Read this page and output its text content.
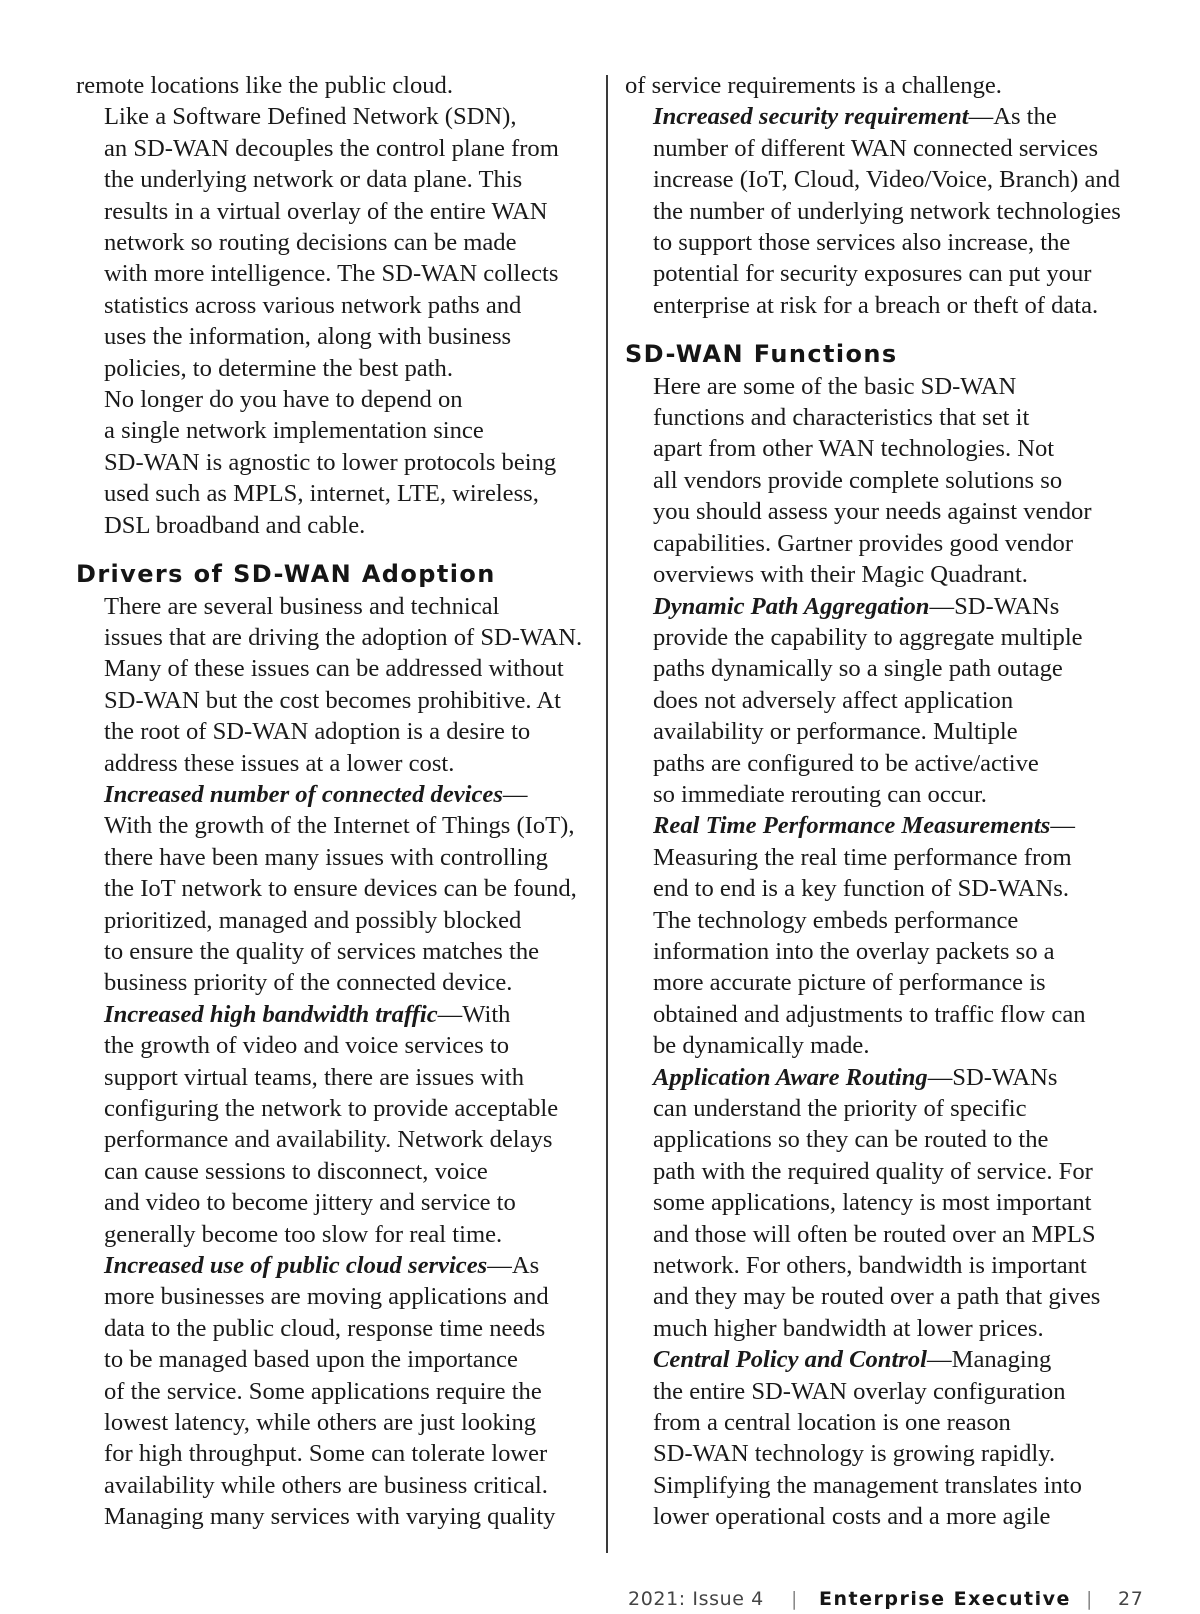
remote locations like the public cloud.

Like a Software Defined Network (SDN),
an SD-WAN decouples the control plane from
the underlying network or data plane. This
results in a virtual overlay of the entire WAN
network so routing decisions can be made
with more intelligence. The SD-WAN collects
statistics across various network paths and
uses the information, along with business
policies, to determine the best path.

No longer do you have to depend on
a single network implementation since
SD-WAN is agnostic to lower protocols being
used such as MPLS, internet, LTE, wireless,
DSL broadband and cable.

Drivers of SD-WAN Adoption

There are several business and technical
issues that are driving the adoption of SD-WAN.
Many of these issues can be addressed without
SD-WAN but the cost becomes prohibitive. At
the root of SD-WAN adoption is a desire to
address these issues at a lower cost.

Increased number of connected devices—
With the growth of the Internet of Things (IoT),
there have been many issues with controlling
the IoT network to ensure devices can be found,
prioritized, managed and possibly blocked
to ensure the quality of services matches the
business priority of the connected device.

Increased high bandwidth traffic—With
the growth of video and voice services to
support virtual teams, there are issues with
configuring the network to provide acceptable
performance and availability. Network delays
can cause sessions to disconnect, voice
and video to become jittery and service to
generally become too slow for real time.

Increased use of public cloud services—As
more businesses are moving applications and
data to the public cloud, response time needs
to be managed based upon the importance
of the service. Some applications require the
lowest latency, while others are just looking
for high throughput. Some can tolerate lower
availability while others are business critical.
Managing many services with varying quality

of service requirements is a challenge.

Increased security requirement—As the
number of different WAN connected services
increase (IoT, Cloud, Video/Voice, Branch) and
the number of underlying network technologies
to support those services also increase, the
potential for security exposures can put your
enterprise at risk for a breach or theft of data.

SD-WAN Functions

Here are some of the basic SD-WAN
functions and characteristics that set it
apart from other WAN technologies. Not
all vendors provide complete solutions so
you should assess your needs against vendor
capabilities. Gartner provides good vendor
overviews with their Magic Quadrant.

Dynamic Path Aggregation—SD-WANs
provide the capability to aggregate multiple
paths dynamically so a single path outage
does not adversely affect application
availability or performance. Multiple
paths are configured to be active/active
so immediate rerouting can occur.

Real Time Performance Measurements—
Measuring the real time performance from
end to end is a key function of SD-WANs.
The technology embeds performance
information into the overlay packets so a
more accurate picture of performance is
obtained and adjustments to traffic flow can
be dynamically made.

Application Aware Routing—SD-WANs
can understand the priority of specific
applications so they can be routed to the
path with the required quality of service. For
some applications, latency is most important
and those will often be routed over an MPLS
network. For others, bandwidth is important
and they may be routed over a path that gives
much higher bandwidth at lower prices.

Central Policy and Control—Managing
the entire SD-WAN overlay configuration
from a central location is one reason
SD-WAN technology is growing rapidly.
Simplifying the management translates into
lower operational costs and a more agile

2021: Issue 4 | Enterprise Executive | 27
